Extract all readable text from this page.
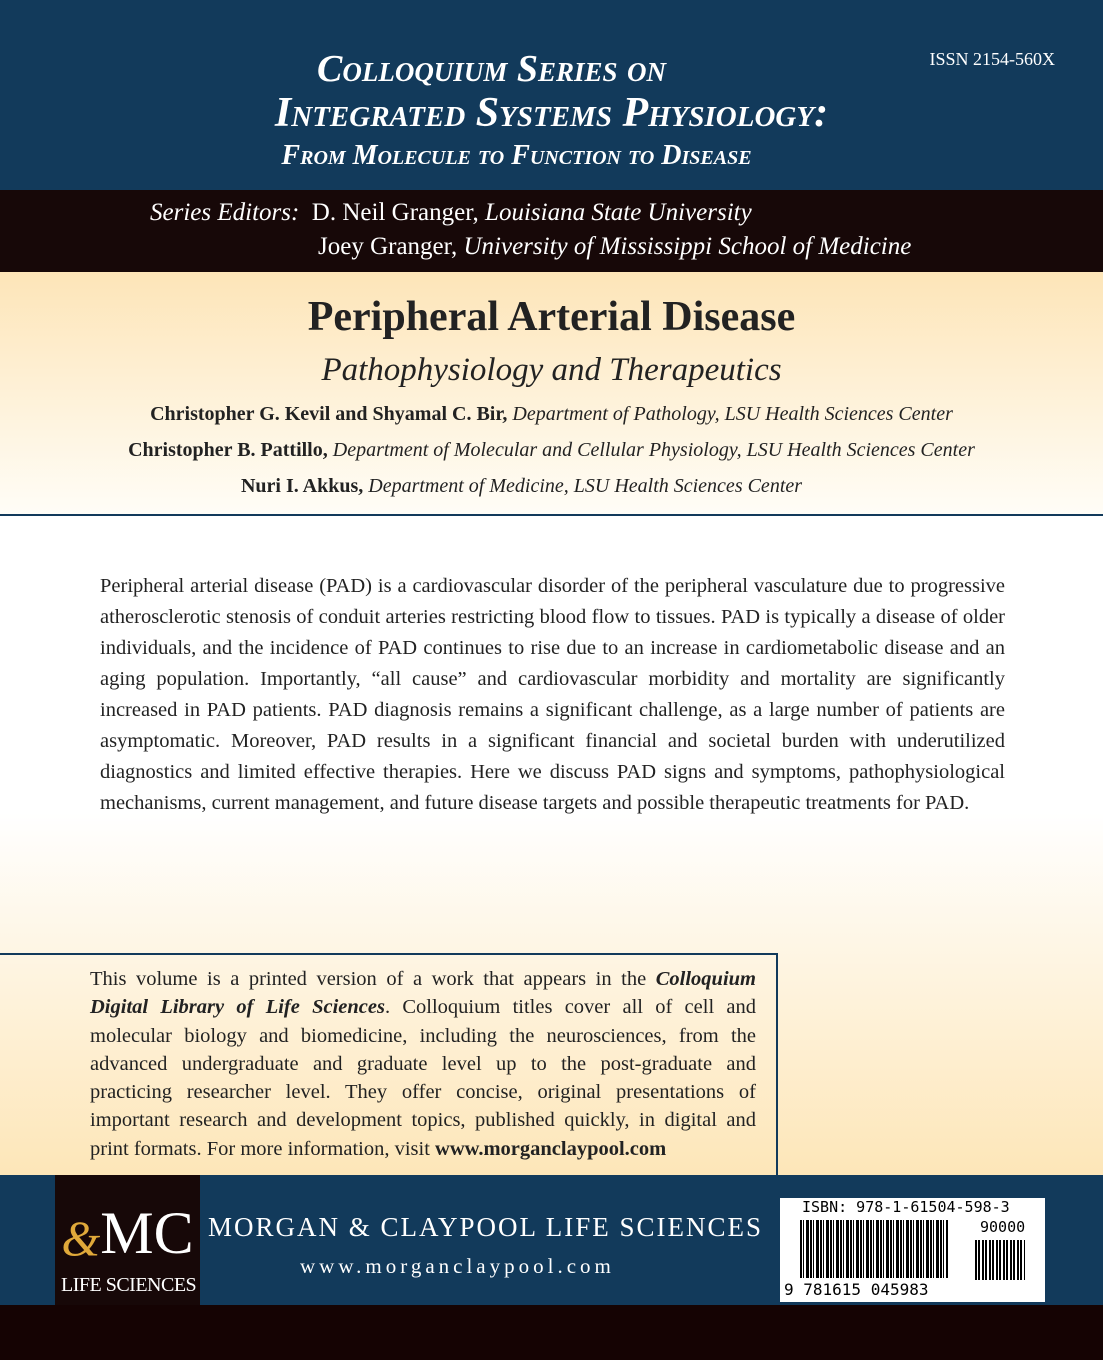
ISSN 2154-560X
Colloquium Series on
Integrated Systems Physiology:
From Molecule to Function to Disease
Series Editors: D. Neil Granger, Louisiana State University
Joey Granger, University of Mississippi School of Medicine
Peripheral Arterial Disease
Pathophysiology and Therapeutics
Christopher G. Kevil and Shyamal C. Bir, Department of Pathology, LSU Health Sciences Center
Christopher B. Pattillo, Department of Molecular and Cellular Physiology, LSU Health Sciences Center
Nuri I. Akkus, Department of Medicine, LSU Health Sciences Center

Peripheral arterial disease (PAD) is a cardiovascular disorder of the peripheral vasculature due to progressive atherosclerotic stenosis of conduit arteries restricting blood flow to tissues. PAD is typically a disease of older individuals, and the incidence of PAD continues to rise due to an increase in cardiometabolic disease and an aging population. Importantly, “all cause” and cardiovascular morbidity and mortality are significantly increased in PAD patients. PAD diagnosis remains a significant challenge, as a large number of patients are asymptomatic. Moreover, PAD results in a significant financial and societal burden with underutilized diagnostics and limited effective therapies. Here we discuss PAD signs and symptoms, pathophysiological mechanisms, current management, and future disease targets and possible therapeutic treatments for PAD.

This volume is a printed version of a work that appears in the Colloquium Digital Library of Life Sciences. Colloquium titles cover all of cell and molecular biology and biomedicine, including the neurosciences, from the advanced undergraduate and graduate level up to the post-graduate and practicing researcher level. They offer concise, original presentations of important research and development topics, published quickly, in digital and print formats. For more information, visit www.morganclaypool.com
& M C
LIFE SCIENCES
MORGAN & CLAYPOOL LIFE SCIENCES
www.morganclaypool.com
ISBN: 978-1-61504-598-3
90000
9 781615 045983
